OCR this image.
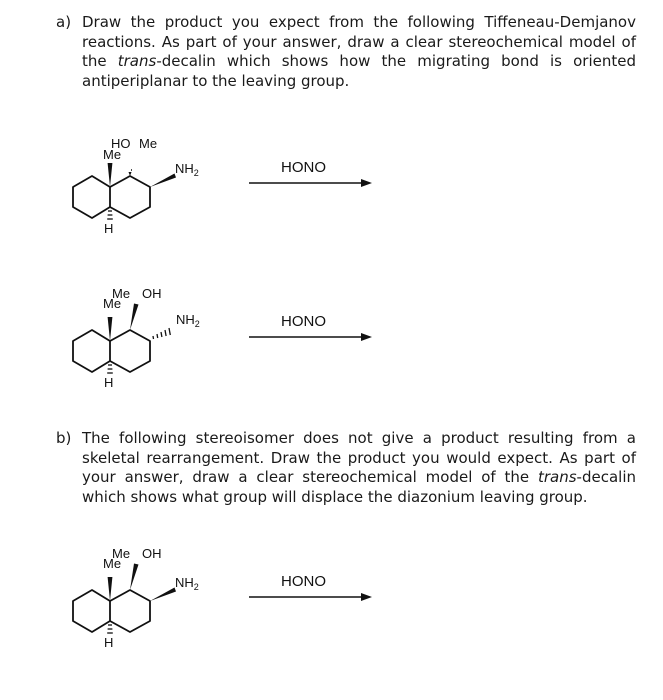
a) Draw the product you expect from the following Tiffeneau-Demjanov reactions. As part of your answer, draw a clear stereochemical model of the trans-decalin which shows how the migrating bond is oriented antiperiplanar to the leaving group.
HO Me
Me
$NH_2$
H
HONO
Me OH
Me
$NH_2$
H
HONO
b) The following stereoisomer does not give a product resulting from a skeletal rearrangement. Draw the product you would expect. As part of your answer, draw a clear stereochemical model of the trans-decalin which shows what group will displace the diazonium leaving group.
Me OH
Me
$NH_2$
H
HONO
